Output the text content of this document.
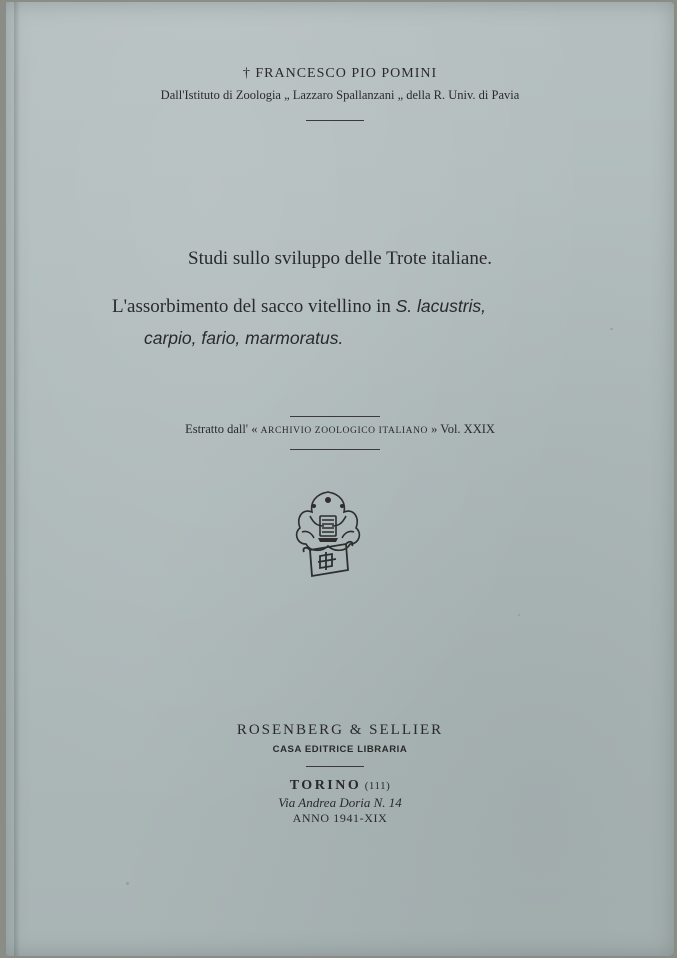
† FRANCESCO PIO POMINI
Dall'Istituto di Zoologia „ Lazzaro Spallanzani „ della R. Univ. di Pavia
Studi sullo sviluppo delle Trote italiane.
L'assorbimento del sacco vitellino in S. lacustris,
carpio, fario, marmoratus.
Estratto dall' « ARCHIVIO ZOOLOGICO ITALIANO » Vol. XXIX
ROSENBERG & SELLIER
CASA EDITRICE LIBRARIA
TORINO (111)
Via Andrea Doria N. 14
ANNO 1941-XIX
